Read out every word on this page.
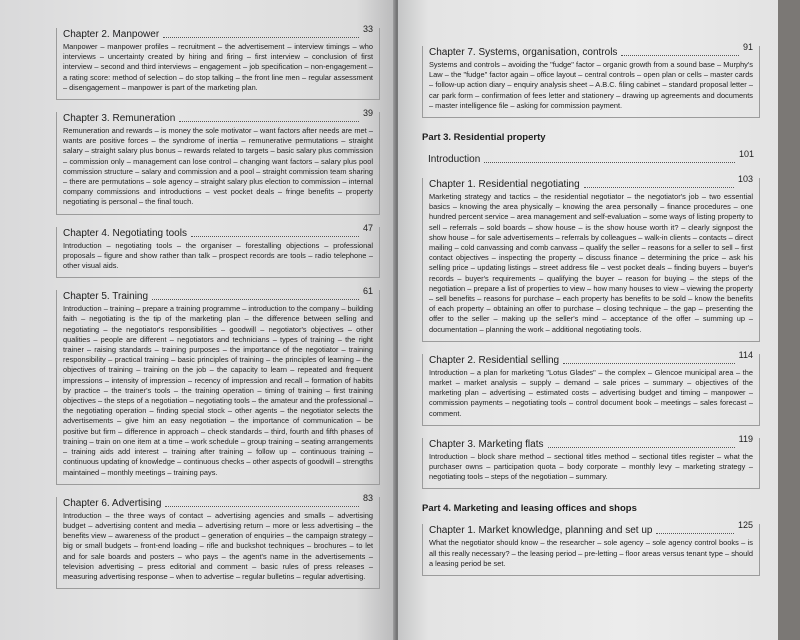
Chapter 2. Manpower	33
Manpower – manpower profiles – recruitment – the advertisement – interview timings – who interviews – uncertainty created by hiring and firing – first interview – conclusion of first interview – second and third interviews – engagement – job specification – non-engagement – a rating score: method of selection – do stop talking – the front line men – regular assessment – disengagement – manpower is part of the marketing plan.
Chapter 3. Remuneration	39
Remuneration and rewards – is money the sole motivator – want factors after needs are met – wants are positive forces – the syndrome of inertia – remunerative permutations – straight salary – straight salary plus bonus – rewards related to targets – basic salary plus commission – commission only – management can lose control – changing want factors – salary plus pool commission structure – salary and commission and a pool – straight commission team sharing – there are permutations – sole agency – straight salary plus election to commission – internal company commissions and introductions – vest pocket deals – fringe benefits – property negotiating is personal – the final touch.
Chapter 4. Negotiating tools	47
Introduction – negotiating tools – the organiser – forestalling objections – professional proposals – figure and show rather than talk – prospect records are tools – radio telephone – other visual aids.
Chapter 5. Training	61
Introduction – training – prepare a training programme – introduction to the company – building faith – negotiating is the tip of the marketing plan – the difference between selling and negotiating – the negotiator's responsibilities – goodwill – negotiator's objectives – other qualities – people are different – negotiators and technicians – types of training – the right trainer – raising standards – training purposes – the importance of the negotiator – training responsibility – practical training – basic principles of training – the principles of learning – the objectives of training – training on the job – the capacity to learn – repeated and frequent impressions – intensity of impression – recency of impression and recall – formation of habits by practice – the trainer's tools – the training operation – timing of training – first training objectives – the steps of a negotiation – negotiating tools – the amateur and the professional – the negotiating operation – finding special stock – other agents – the negotiator selects the advertisements – give him an easy negotiation – the importance of communication – be positive but firm – difference in approach – check standards – third, fourth and fifth phases of training – train on one item at a time – work schedule – group training – seating arrangements – training aids add interest – training after training – follow up – continuous training – continuous updating of knowledge – continuous checks – other aspects of goodwill – strengths maintained – monthly meetings – training pays.
Chapter 6. Advertising	83
Introduction – the three ways of contact – advertising agencies and smalls – advertising budget – advertising content and media – advertising return – more or less advertising – the benefits view – awareness of the product – generation of enquiries – the campaign strategy – big or small budgets – front-end loading – rifle and buckshot techniques – brochures – to let and for sale boards and posters – who pays – the agent's name in the advertisements – television advertising – press editorial and comment – basic rules of press releases – measuring advertising response – when to advertise – regular bulletins – regular advertising.
Chapter 7. Systems, organisation, controls	91
Systems and controls – avoiding the "fudge" factor – organic growth from a sound base – Murphy's Law – the "fudge" factor again – office layout – central controls – open plan or cells – master cards – follow-up action diary – enquiry analysis sheet – A.B.C. filing cabinet – standard proposal letter – car park form – confirmation of fees letter and stationery – drawing up agreements and documents – master intelligence file – asking for commission payment.
Part 3. Residential property
Introduction	101
Chapter 1. Residential negotiating	103
Marketing strategy and tactics – the residential negotiator – the negotiator's job – two essential basics – knowing the area physically – knowing the area personally – finance procedures – one hundred percent service – area management and self-evaluation – some ways of listing property to sell – referrals – sold boards – show house – is the show house worth it? – clearly signpost the show house – for sale advertisements – referrals by colleagues – walk-in clients – contacts – direct mailing – cold canvassing and comb canvass – qualify the seller – reasons for a seller to sell – first contact objectives – inspecting the property – discuss finance – determining the price – ask his selling price – updating listings – street address file – vest pocket deals – finding buyers – buyer's records – buyer's requirements – qualifying the buyer – reason for buying – the steps of the negotiation – prepare a list of properties to view – how many houses to view – viewing the property – sell benefits – reasons for purchase – each property has benefits to be sold – know the benefits of each property – obtaining an offer to purchase – closing technique – the gap – presenting the offer to the seller – making up the seller's mind – acceptance of the offer – summing up – documentation – planning the work – additional negotiating tools.
Chapter 2. Residential selling	114
Introduction – a plan for marketing "Lotus Glades" – the complex – Glencoe municipal area – the market – market analysis – supply – demand – sale prices – summary – objectives of the marketing plan – advertising – estimated costs – advertising budget and timing – manpower – commission payments – negotiating tools – control document book – meetings – sales forecast – comment.
Chapter 3. Marketing flats	119
Introduction – block share method – sectional titles method – sectional titles register – what the purchaser owns – participation quota – body corporate – monthly levy – marketing strategy – negotiating tools – steps of the negotiation – summary.
Part 4. Marketing and leasing offices and shops
Chapter 1. Market knowledge, planning and set up	125
What the negotiator should know – the researcher – sole agency – sole agency control books – is all this really necessary? – the leasing period – pre-letting – floor areas versus tenant type – should a leasing period be set.
